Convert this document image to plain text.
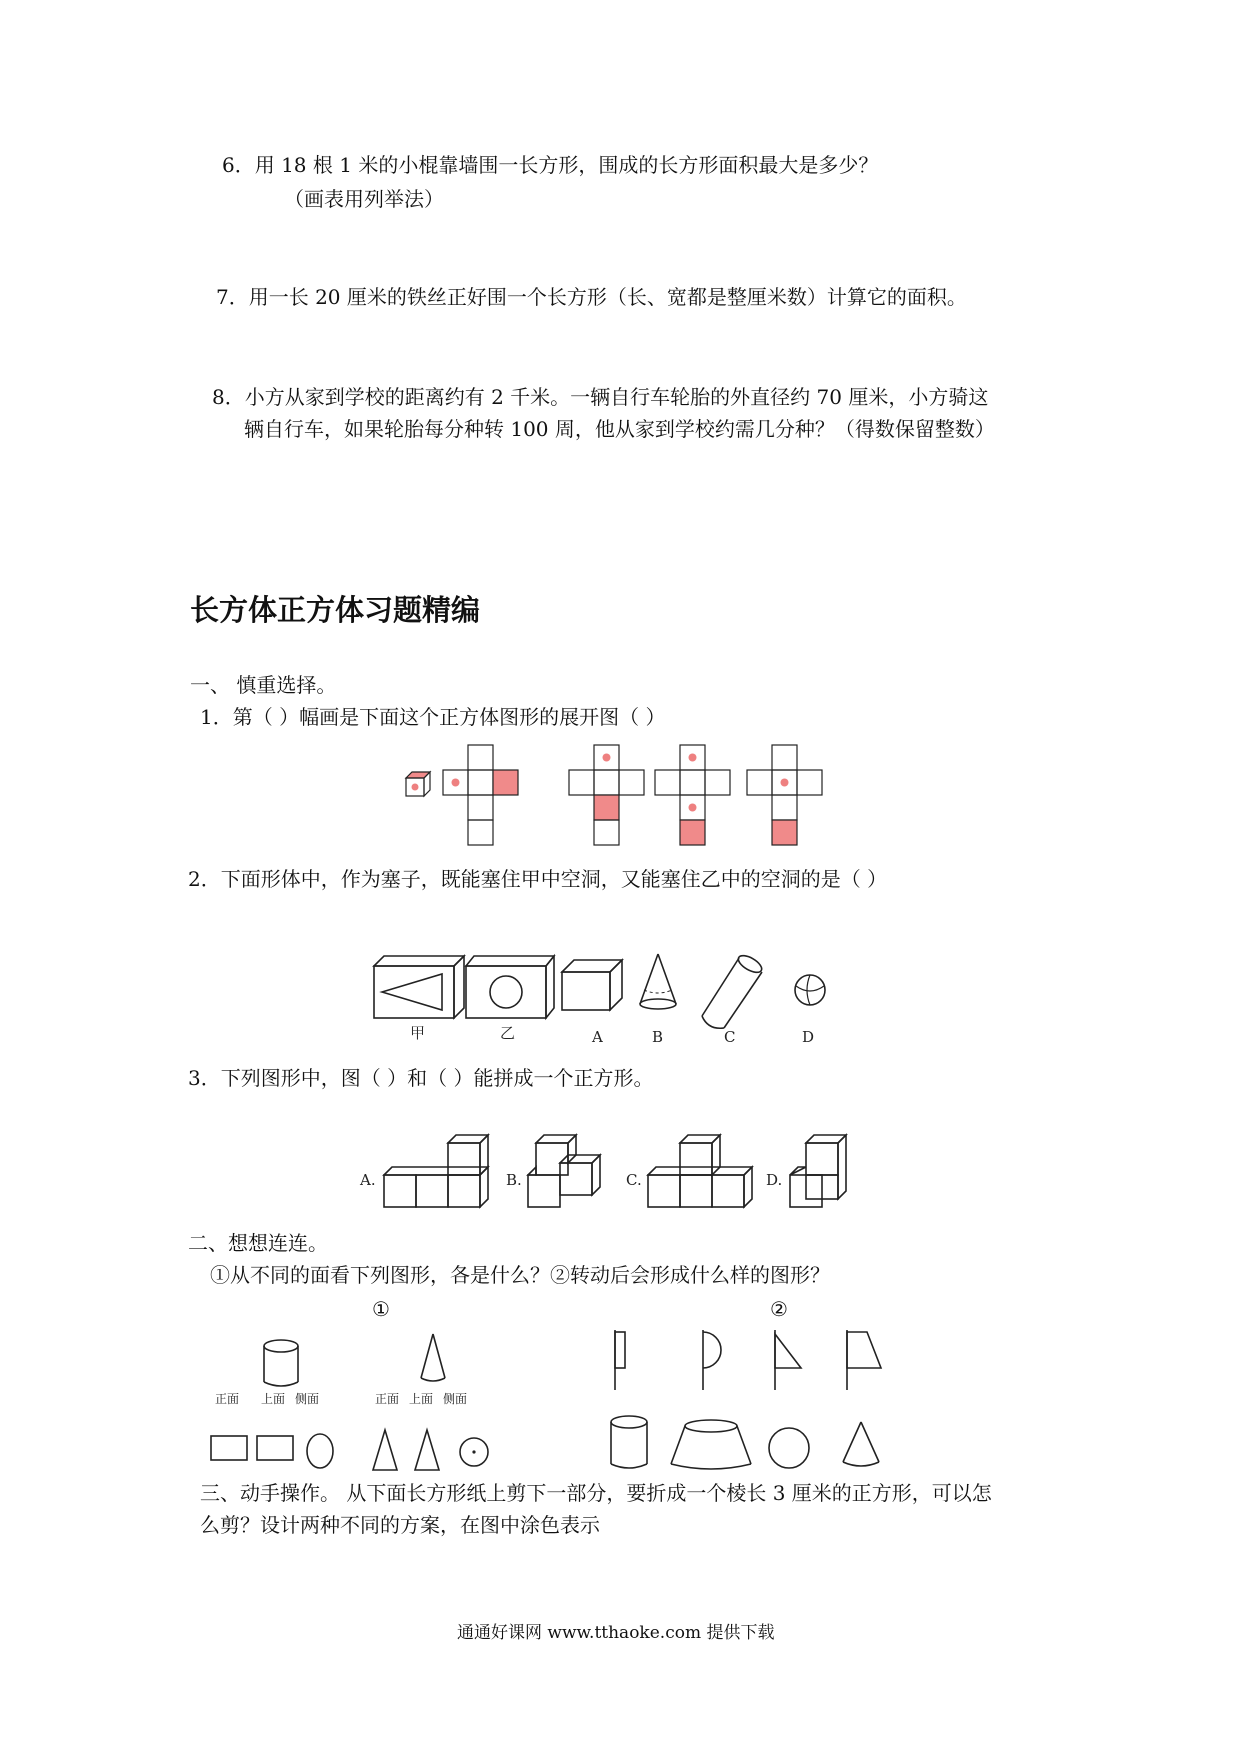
6．用 18 根 1 米的小棍靠墙围一长方形，围成的长方形面积最大是多少？
（画表用列举法）
7．用一长 20 厘米的铁丝正好围一个长方形（长、宽都是整厘米数）计算它的面积。
8．小方从家到学校的距离约有 2 千米。一辆自行车轮胎的外直径约 70 厘米，小方骑这
辆自行车，如果轮胎每分种转 100 周，他从家到学校约需几分种？（得数保留整数）
长方体正方体习题精编
一、 慎重选择。
1．第（ ）幅画是下面这个正方体图形的展开图（ ）
2．下面形体中，作为塞子，既能塞住甲中空洞，又能塞住乙中的空洞的是（ ）
甲	乙	A	B	C	D
3．下列图形中，图（ ）和（ ）能拼成一个正方形。
A.	B.	C.	D.
二、想想连连。
①从不同的面看下列图形，各是什么？②转动后会形成什么样的图形？
①	②
正面 上面 侧面	正面 上面 侧面
三、动手操作。 从下面长方形纸上剪下一部分，要折成一个棱长 3 厘米的正方形，可以怎
么剪？设计两种不同的方案，在图中涂色表示
通通好课网 www.tthaoke.com 提供下载
